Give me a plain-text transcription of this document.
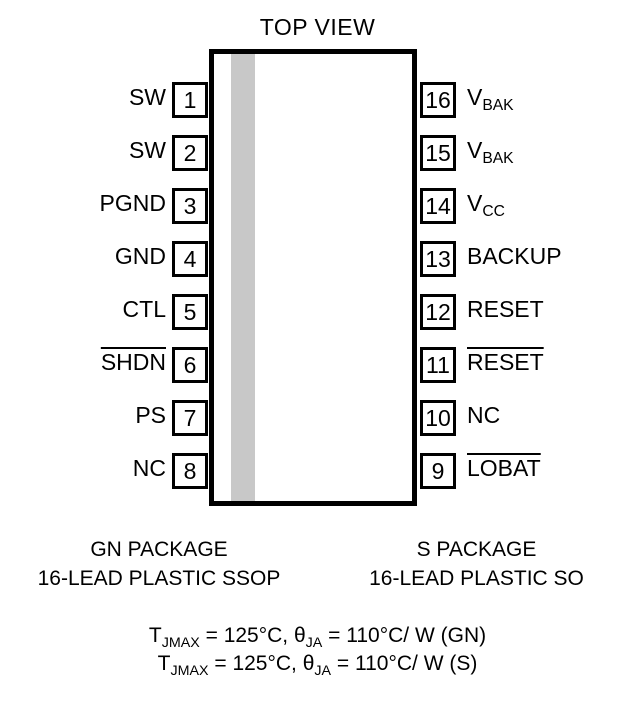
TOP VIEW
1
SW
2
SW
3
PGND
4
GND
5
CTL
6
SHDN
7
PS
8
NC
16 $V_{BAK}$
15 $V_{BAK}$
14 $V_{CC}$
13 BACKUP
12 RESET
11 RESET
10 NC
9 LOBAT
GN PACKAGE
16-LEAD PLASTIC SSOP
S PACKAGE
16-LEAD PLASTIC SO
$T_{JMAX} = 125^\circ C$, $\theta_{JA} = 110^\circ C/$ W (GN)
$T_{JMAX} = 125^\circ C$, $\theta_{JA} = 110^\circ C/$ W (S)
